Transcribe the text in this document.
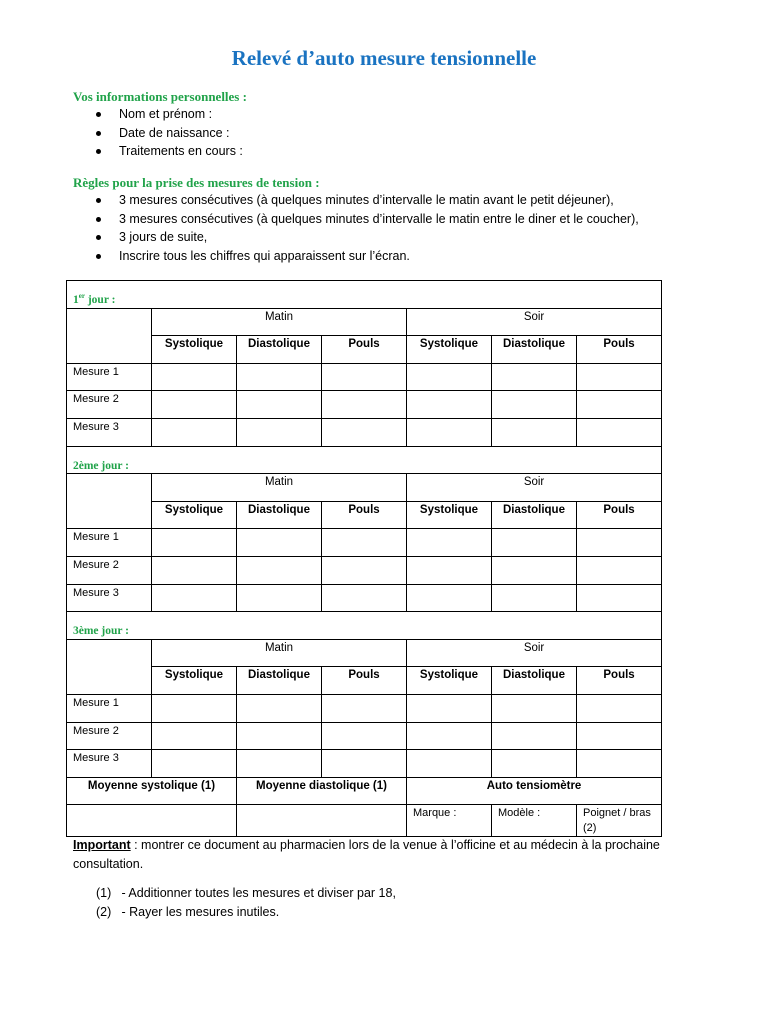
Relevé d’auto mesure tensionnelle

Vos informations personnelles :

Nom et prénom :
Date de naissance :
Traitements en cours :

Règles pour la prise des mesures de tension :

3 mesures consécutives (à quelques minutes d’intervalle le matin avant le petit déjeuner),
3 mesures consécutives (à quelques minutes d’intervalle le matin entre le diner et le coucher),
3 jours de suite,
Inscrire tous les chiffres qui apparaissent sur l’écran.
1er jour :						
	Matin			Soir		
	Systolique	Diastolique	Pouls	Systolique	Diastolique	Pouls
Mesure 1						
Mesure 2						
Mesure 3						
2ème jour :						
	Matin			Soir		
	Systolique	Diastolique	Pouls	Systolique	Diastolique	Pouls
Mesure 1						
Mesure 2						
Mesure 3						
3ème jour :						
	Matin			Soir		
	Systolique	Diastolique	Pouls	Systolique	Diastolique	Pouls
Mesure 1						
Mesure 2						
Mesure 3						
Moyenne systolique (1)		Moyenne diastolique (1)		Auto tensiomètre		
				Marque :	Modèle :	Poignet / bras (2)

Important : montrer ce document au pharmacien lors de la venue à l’officine et au médecin à la prochaine consultation.

(1) - Additionner toutes les mesures et diviser par 18,
(2) - Rayer les mesures inutiles.
